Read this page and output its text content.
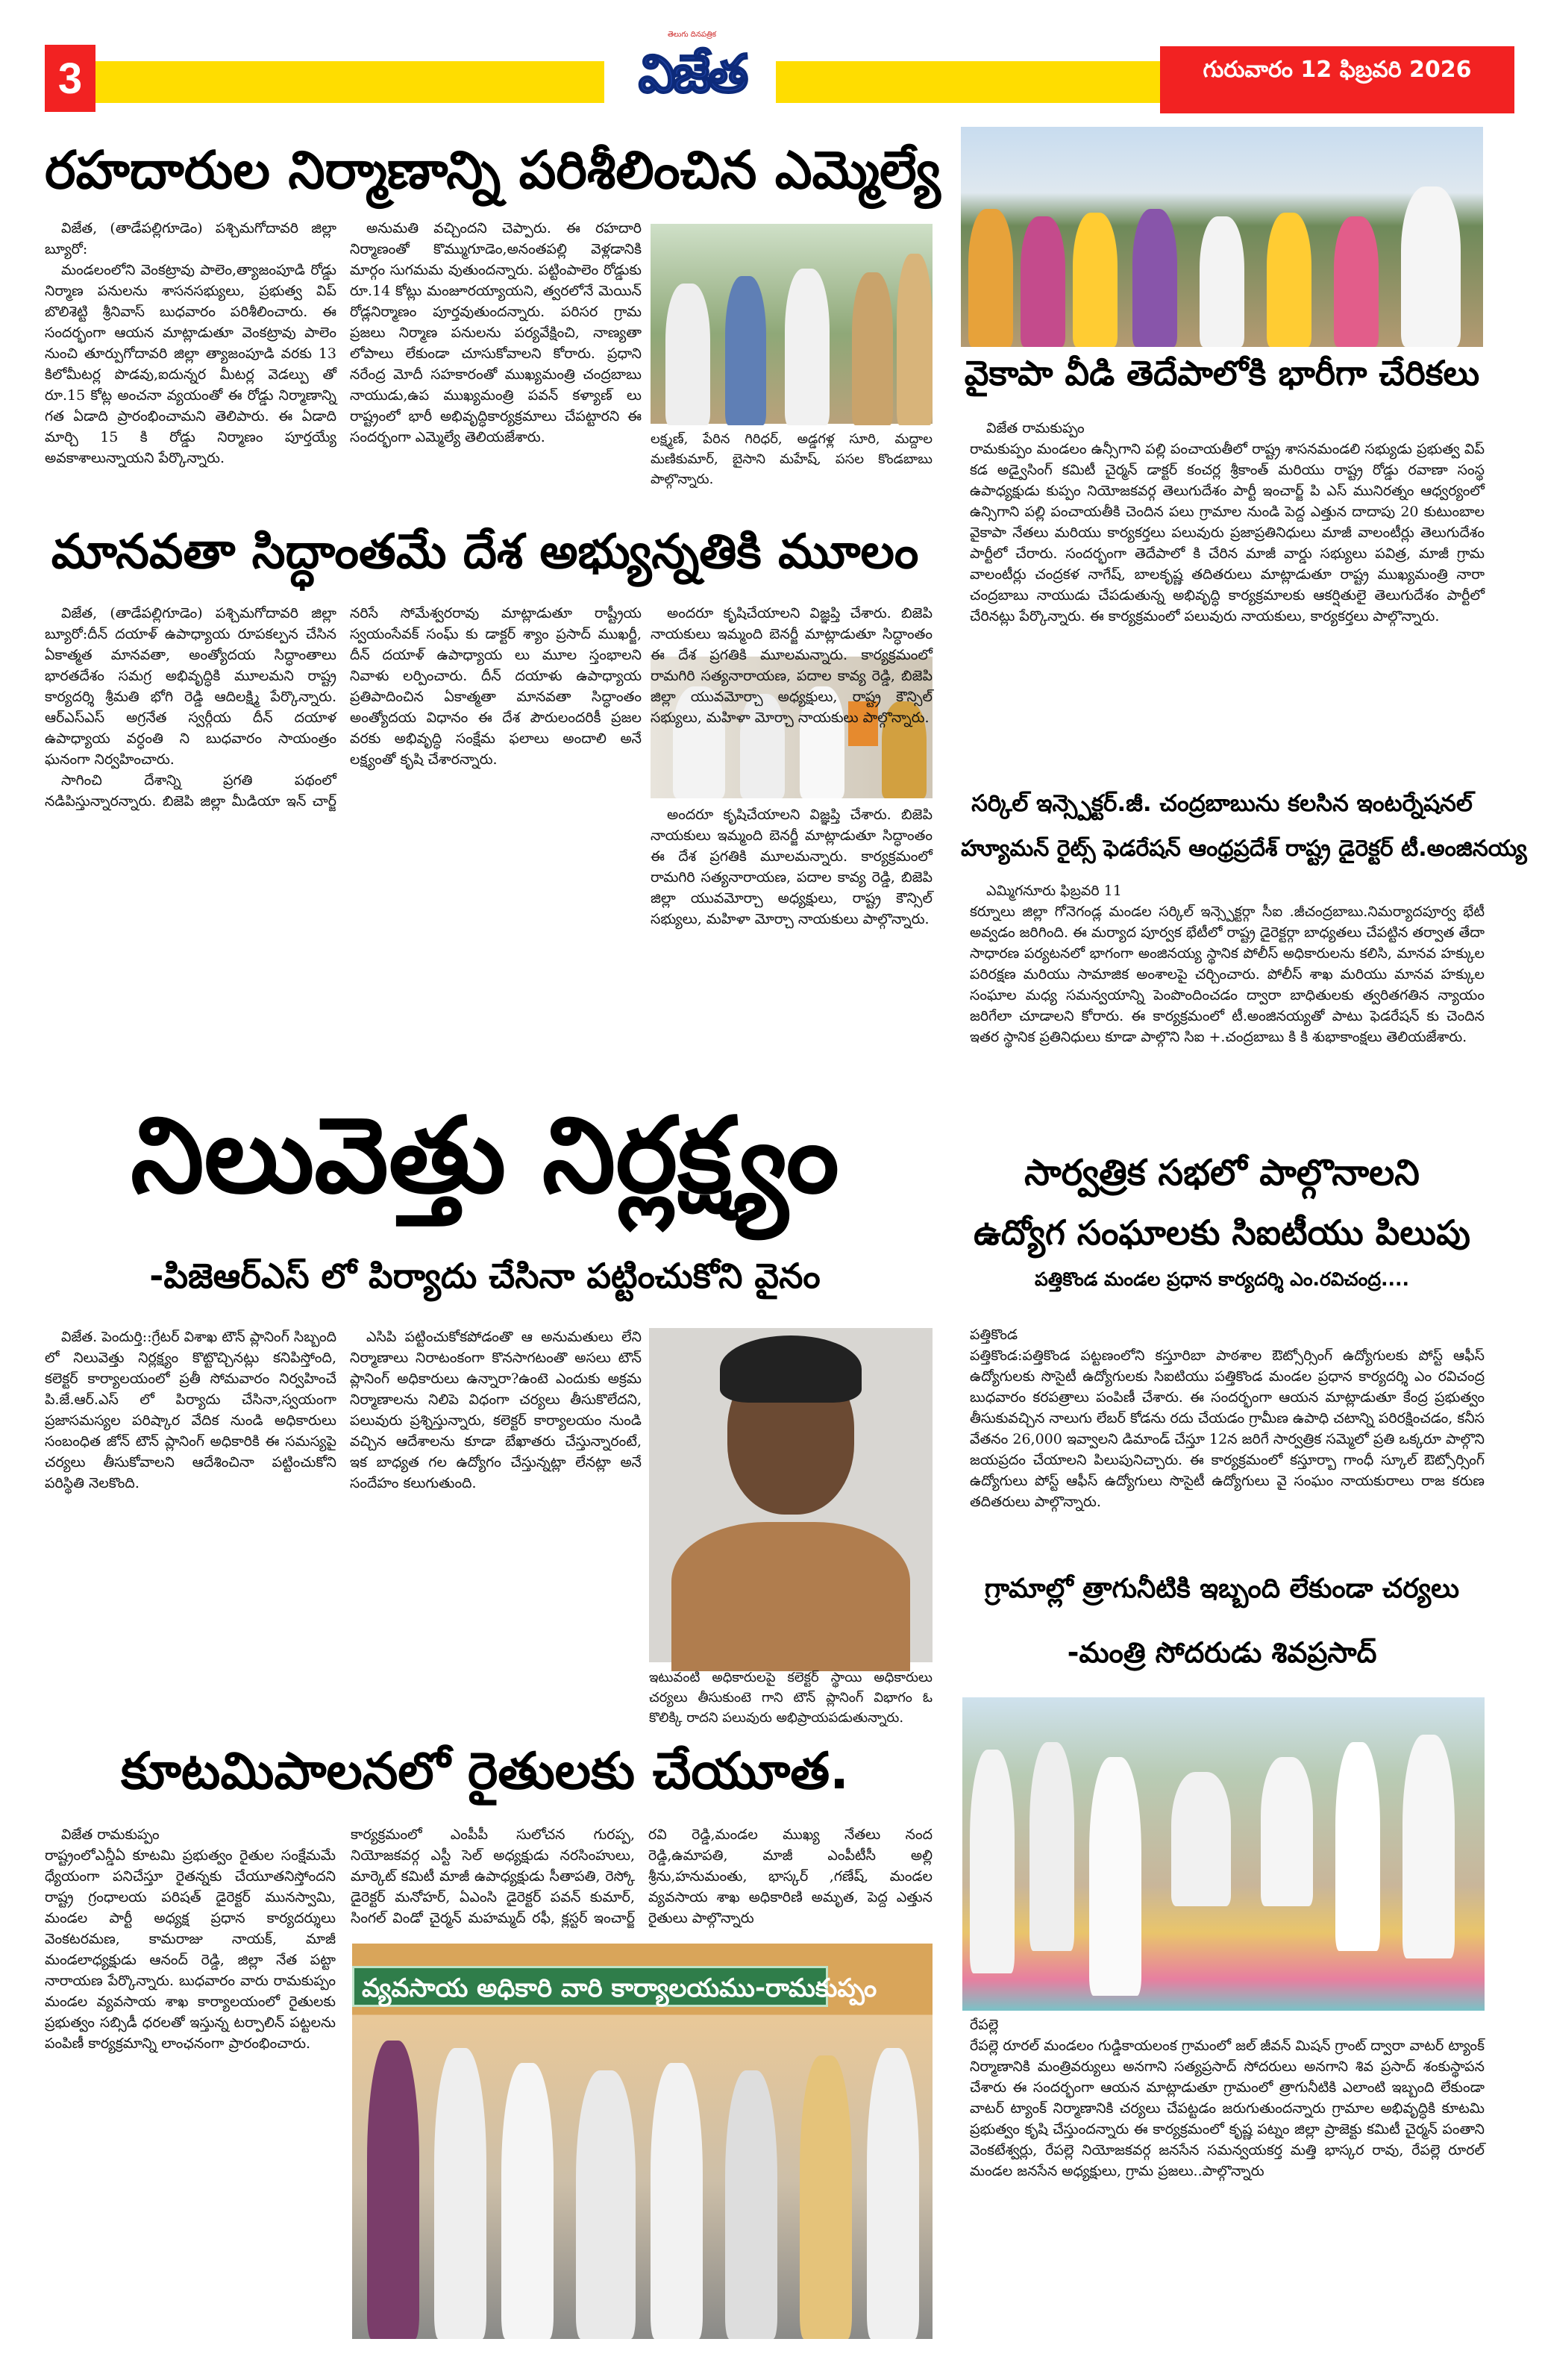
3
తెలుగు దినపత్రిక
విజేత	గురువారం 12 ఫిబ్రవరి 2026
రహదారుల నిర్మాణాన్ని పరిశీలించిన ఎమ్మెల్యే

విజేత, (తాడేపల్లిగూడెం) పశ్చిమగోదావరి జిల్లా బ్యూరో:

మండలంలోని వెంకట్రావు పాలెం,త్యాజంపూడి రోడ్డు నిర్మాణ పనులను శాసనసభ్యులు, ప్రభుత్వ విప్ బొలిశెట్టి శ్రీనివాస్ బుధవారం పరిశీలించారు. ఈ సందర్భంగా ఆయన మాట్లాడుతూ వెంకట్రావు పాలెం నుంచి తూర్పుగోదావరి జిల్లా త్యాజంపూడి వరకు 13 కిలోమీటర్ల పొడవు,ఐదున్నర మీటర్ల వెడల్పు తో రూ.15 కోట్ల అంచనా వ్యయంతో ఈ రోడ్డు నిర్మాణాన్ని గత ఏడాది ప్రారంభించామని తెలిపారు. ఈ ఏడాది మార్చి 15 కి రోడ్డు నిర్మాణం పూర్తయ్యే అవకాశాలున్నాయని పేర్కొన్నారు.

అనుమతి వచ్చిందని చెప్పారు. ఈ రహదారి నిర్మాణంతో కొమ్ముగూడెం,అనంతపల్లి వెళ్లడానికి మార్గం సుగమమ వుతుందన్నారు. పట్టింపాలెం రోడ్డుకు రూ.14 కోట్లు మంజూరయ్యాయని, త్వరలోనే మెయిన్ రోడ్లనిర్మాణం పూర్తవుతుందన్నారు. పరిసర గ్రామ ప్రజలు నిర్మాణ పనులను పర్యవేక్షించి, నాణ్యతా లోపాలు లేకుండా చూసుకోవాలని కోరారు. ప్రధాని నరేంద్ర మోదీ సహకారంతో ముఖ్యమంత్రి చంద్రబాబు నాయుడు,ఉప ముఖ్యమంత్రి పవన్ కళ్యాణ్ లు రాష్ట్రంలో భారీ అభివృద్ధికార్యక్రమాలు చేపట్టారని ఈ సందర్భంగా ఎమ్మెల్యే తెలియజేశారు.	లక్ష్మణ్, పేరిన గిరిధర్, అడ్డగళ్ల సూరి, మద్దాల మణికుమార్, బైసాని మహేష్, పసల కొండబాబు పాల్గొన్నారు.
మానవతా సిద్ధాంతమే దేశ అభ్యున్నతికి మూలం

విజేత, (తాడేపల్లిగూడెం) పశ్చిమగోదావరి జిల్లా బ్యూరో:దీన్ దయాళ్ ఉపాధ్యాయ రూపకల్పన చేసిన ఏకాత్మత మానవతా, అంత్యోదయ సిద్ధాంతాలు భారతదేశం సమగ్ర అభివృద్ధికి మూలమని రాష్ట్ర కార్యదర్శి శ్రీమతి భోగి రెడ్డి ఆదిలక్ష్మి పేర్కొన్నారు. ఆర్ఎస్ఎస్ అగ్రనేత స్వర్గీయ దీన్ దయాళ ఉపాధ్యాయ వర్ధంతి ని బుధవారం సాయంత్రం ఘనంగా నిర్వహించారు.

సాగించి దేశాన్ని ప్రగతి పథంలో నడిపిస్తున్నారన్నారు. బిజెపి జిల్లా మీడియా ఇన్ చార్జ్ నరిసే సోమేశ్వరరావు మాట్లాడుతూ రాష్ట్రీయ స్వయంసేవక్ సంఘ్ కు డాక్టర్ శ్యాం ప్రసాద్ ముఖర్జీ, దీన్ దయాళ్ ఉపాధ్యాయ లు మూల స్తంభాలని నివాళు లర్పించారు. దీన్ దయాళు ఉపాధ్యాయ ప్రతిపాదించిన ఏకాత్మతా మానవతా సిద్ధాంతం అంత్యోదయ విధానం ఈ దేశ పౌరులందరికీ ప్రజల వరకు అభివృద్ధి సంక్షేమ ఫలాలు అందాలి అనే లక్ష్యంతో కృషి చేశారన్నారు.

అందరూ కృషిచేయాలని విజ్ఞప్తి చేశారు. బిజెపి నాయకులు ఇమ్మంది బెనర్జీ మాట్లాడుతూ సిద్ధాంతం ఈ దేశ ప్రగతికి మూలమన్నారు. కార్యక్రమంలో రామగిరి సత్యనారాయణ, పదాల కావ్య రెడ్డి, బిజెపి జిల్లా యువమోర్చా అధ్యక్షులు, రాష్ట్ర కౌన్సిల్ సభ్యులు, మహిళా మోర్చా నాయకులు పాల్గొన్నారు.

అందరూ కృషిచేయాలని విజ్ఞప్తి చేశారు. బిజెపి నాయకులు ఇమ్మంది బెనర్జీ మాట్లాడుతూ సిద్ధాంతం ఈ దేశ ప్రగతికి మూలమన్నారు. కార్యక్రమంలో రామగిరి సత్యనారాయణ, పదాల కావ్య రెడ్డి, బిజెపి జిల్లా యువమోర్చా అధ్యక్షులు, రాష్ట్ర కౌన్సిల్ సభ్యులు, మహిళా మోర్చా నాయకులు పాల్గొన్నారు.

నిలువెత్తు నిర్లక్ష్యం
-పిజెఆర్ఎస్ లో పిర్యాదు చేసినా పట్టించుకోని వైనం

విజేత. పెందుర్తి::గ్రేటర్ విశాఖ టౌన్ ప్లానింగ్ సిబ్బంది లో నిలువెత్తు నిర్లక్ష్యం కొట్టొచ్చినట్లు కనిపిస్తోంది, కలెక్టర్ కార్యాలయంలో ప్రతీ సోమవారం నిర్వహించే పి.జే.ఆర్.ఎస్ లో పిర్యాదు చేసినా,స్వయంగా ప్రజాసమస్యల పరిష్కార వేదిక నుండి అధికారులు సంబంధిత జోన్ టౌన్ ప్లానింగ్ అధికారికి ఈ సమస్యపై చర్యలు తీసుకోవాలని ఆదేశించినా పట్టించుకోని పరిస్థితి నెలకొంది.

ఎసిపి పట్టించుకోకపోడంతొ ఆ అనుమతులు లేని నిర్మాణాలు నిరాటంకంగా కొనసాగటంతొ అసలు టౌన్ ప్లానింగ్ అధికారులు ఉన్నారా?ఉంటె ఎందుకు అక్రమ నిర్మాణాలను నిలిపె విధంగా చర్యలు తీసుకొలేదని, పలువురు ప్రశ్నిస్తున్నారు, కలెక్టర్ కార్యాలయం నుండి వచ్చిన ఆదేశాలను కూడా బేఖాతరు చేస్తున్నారంటే, ఇక బాధ్యత గల ఉద్యోగం చేస్తున్నట్లా లేనట్లా అనే సందేహం కలుగుతుంది.

ఇటువంటి అధికారులపై కలెక్టర్ స్థాయి అధికారులు చర్యలు తీసుకుంటె గాని టౌన్ ప్లానింగ్ విభాగం ఓ కొలిక్కి రాదని పలువురు అభిప్రాయపడుతున్నారు.
కూటమిపాలనలో రైతులకు చేయూత.

విజేత రామకుప్పం

రాష్ట్రంలోఎన్డీఏ కూటమి ప్రభుత్వం రైతుల సంక్షేమమే ధ్యేయంగా పనిచేస్తూ రైతన్నకు చేయూతనిస్తోందని రాష్ట్ర గ్రంధాలయ పరిషత్ డైరెక్టర్ మునస్వామి, మండల పార్టీ అధ్యక్ష ప్రధాన కార్యదర్శులు వెంకటరమణ, కామరాజు నాయక్, మాజీ మండలాధ్యక్షుడు ఆనంద్ రెడ్డి, జిల్లా నేత పట్టా నారాయణ పేర్కొన్నారు. బుధవారం వారు రామకుప్పం మండల వ్యవసాయ శాఖ కార్యాలయంలో రైతులకు ప్రభుత్వం సబ్సిడీ ధరలతో ఇస్తున్న టర్పాలిన్ పట్టలను పంపిణీ కార్యక్రమాన్ని లాంఛనంగా ప్రారంభించారు.

కార్యక్రమంలో ఎంపీపీ సులోచన గురప్ప, నియోజకవర్గ ఎస్టీ సెల్ అధ్యక్షుడు నరసింహులు, మార్కెట్ కమిటీ మాజీ ఉపాధ్యక్షుడు సీతాపతి, రెస్కో డైరెక్టర్ మనోహర్, ఏఎంసి డైరెక్టర్ పవన్ కుమార్, సింగల్ విండో చైర్మన్ మహమ్మద్ రఫీ, క్లస్టర్ ఇంచార్జ్ రవి రెడ్డి,మండల ముఖ్య నేతలు నంద రెడ్డి,ఉమాపతి, మాజీ ఎంపీటీసీ అల్లి శ్రీను,హనుమంతు, భాస్కర్ ,గణేష్, మండల వ్యవసాయ శాఖ అధికారిణి అమృత, పెద్ద ఎత్తున రైతులు పాల్గొన్నారు

వ్యవసాయ అధికారి వారి కార్యాలయము-రామకుప్పం
వైకాపా వీడి తెదేపాలోకి భారీగా చేరికలు

విజేత రామకుప్పం

రామకుప్పం మండలం ఉన్సీగాని పల్లి పంచాయతీలో రాష్ట్ర శాసనమండలి సభ్యుడు ప్రభుత్వ విప్ కడ అడ్వైసింగ్ కమిటీ చైర్మన్ డాక్టర్ కంచర్ల శ్రీకాంత్ మరియు రాష్ట్ర రోడ్డు రవాణా సంస్థ ఉపాధ్యక్షుడు కుప్పం నియోజకవర్గ తెలుగుదేశం పార్టీ ఇంచార్జ్ పి ఎస్ మునిరత్నం ఆధ్వర్యంలో ఉన్సిగాని పల్లి పంచాయతీకి చెందిన పలు గ్రామాల నుండి పెద్ద ఎత్తున దాదాపు 20 కుటుంబాల వైకాపా నేతలు మరియు కార్యకర్తలు పలువురు ప్రజాప్రతినిధులు మాజీ వాలంటీర్లు తెలుగుదేశం పార్టీలో చేరారు. సందర్భంగా తెదేపాలో కి చేరిన మాజీ వార్డు సభ్యులు పవిత్ర, మాజీ గ్రామ వాలంటీర్లు చంద్రకళ నాగేష్, బాలకృష్ణ తదితరులు మాట్లాడుతూ రాష్ట్ర ముఖ్యమంత్రి నారా చంద్రబాబు నాయుడు చేపడుతున్న అభివృద్ధి కార్యక్రమాలకు ఆకర్షితులై తెలుగుదేశం పార్టీలో చేరినట్లు పేర్కొన్నారు. ఈ కార్యక్రమంలో పలువురు నాయకులు, కార్యకర్తలు పాల్గొన్నారు.

సర్కిల్ ఇన్స్పెక్టర్.జీ. చంద్రబాబును కలసిన ఇంటర్నేషనల్
హ్యూమన్ రైట్స్ ఫెడరేషన్ ఆంధ్రప్రదేశ్ రాష్ట్ర డైరెక్టర్ టీ.అంజినయ్య

ఎమ్మిగనూరు ఫిబ్రవరి 11

కర్నూలు జిల్లా గోనెగండ్ల మండల సర్కిల్ ఇన్స్పెక్టర్గా సీఐ .జీచంద్రబాబు.నిమర్యాదపూర్వ భేటీ అవ్వడం జరిగింది. ఈ మర్యాద పూర్వక భేటీలో రాష్ట్ర డైరెక్టర్గా బాధ్యతలు చేపట్టిన తర్వాత తేదా సాధారణ పర్యటనలో భాగంగా అంజినయ్య స్థానిక పోలీస్ అధికారులను కలిసి, మానవ హక్కుల పరిరక్షణ మరియు సామాజిక అంశాలపై చర్చించారు. పోలీస్ శాఖ మరియు మానవ హక్కుల సంఘాల మధ్య సమన్వయాన్ని పెంపొందించడం ద్వారా బాధితులకు త్వరితగతిన న్యాయం జరిగేలా చూడాలని కోరారు. ఈ కార్యక్రమంలో టీ.అంజినయ్యతో పాటు ఫెడరేషన్ కు చెందిన ఇతర స్థానిక ప్రతినిధులు కూడా పాల్గొని సిఐ +.చంద్రబాబు కి కి శుభాకాంక్షలు తెలియజేశారు.

సార్వత్రిక సభలో పాల్గొనాలని
ఉద్యోగ సంఘాలకు సిఐటీయు పిలుపు
పత్తికొండ మండల ప్రధాన కార్యదర్శి ఎం.రవిచంద్ర....

పత్తికొండ

పత్తికొండ:పత్తికొండ పట్టణంలోని కస్తూరిబా పాఠశాల ఔట్సోర్సింగ్ ఉద్యోగులకు పోస్ట్ ఆఫీస్ ఉద్యోగులకు సొసైటీ ఉద్యోగులకు సిఐటియు పత్తికొండ మండల ప్రధాన కార్యదర్శి ఎం రవిచంద్ర బుధవారం కరపత్రాలు పంపిణీ చేశారు. ఈ సందర్భంగా ఆయన మాట్లాడుతూ కేంద్ర ప్రభుత్వం తీసుకువచ్చిన నాలుగు లేబర్ కోడను రదు చేయడం గ్రామీణ ఉపాధి చటాన్ని పరిరక్షించడం, కనీస వేతనం 26,000 ఇవ్వాలని డిమాండ్ చేస్తూ 12న జరిగే సార్వత్రిక సమ్మెలో ప్రతి ఒక్కరూ పాల్గొని జయప్రదం చేయాలని పిలుపునిచ్చారు. ఈ కార్యక్రమంలో కస్తూర్బా గాంధీ స్కూల్ ఔట్సోర్సింగ్ ఉద్యోగులు పోస్ట్ ఆఫీస్ ఉద్యోగులు సొసైటీ ఉద్యోగులు వై సంఘం నాయకురాలు రాజ కరుణ తదితరులు పాల్గొన్నారు.

గ్రామాల్లో త్రాగునీటికి ఇబ్బంది లేకుండా చర్యలు
-మంత్రి సోదరుడు శివప్రసాద్

రేపల్లె

రేపల్లె రూరల్ మండలం గుడ్డికాయలంక గ్రామంలో జల్ జీవన్ మిషన్ గ్రాంట్ ద్వారా వాటర్ ట్యాంక్ నిర్మాణానికి మంత్రివర్యులు అనగాని సత్యప్రసాద్ సోదరులు అనగాని శివ ప్రసాద్ శంకుస్థాపన చేశారు ఈ సందర్భంగా ఆయన మాట్లాడుతూ గ్రామంలో త్రాగునీటికి ఎలాంటి ఇబ్బంది లేకుండా వాటర్ ట్యాంక్ నిర్మాణానికి చర్యలు చేపట్టడం జరుగుతుందన్నారు గ్రామాల అభివృద్ధికి కూటమి ప్రభుత్వం కృషి చేస్తుందన్నారు ఈ కార్యక్రమంలో కృష్ణ పట్నం జిల్లా ప్రాజెక్టు కమిటీ చైర్మన్ పంతాని వెంకటేశ్వర్లు, రేపల్లె నియోజకవర్గ జనసేన సమన్వయకర్త మత్తి భాస్కర రావు, రేపల్లె రూరల్ మండల జనసేన అధ్యక్షులు, గ్రామ ప్రజలు..పాల్గొన్నారు
